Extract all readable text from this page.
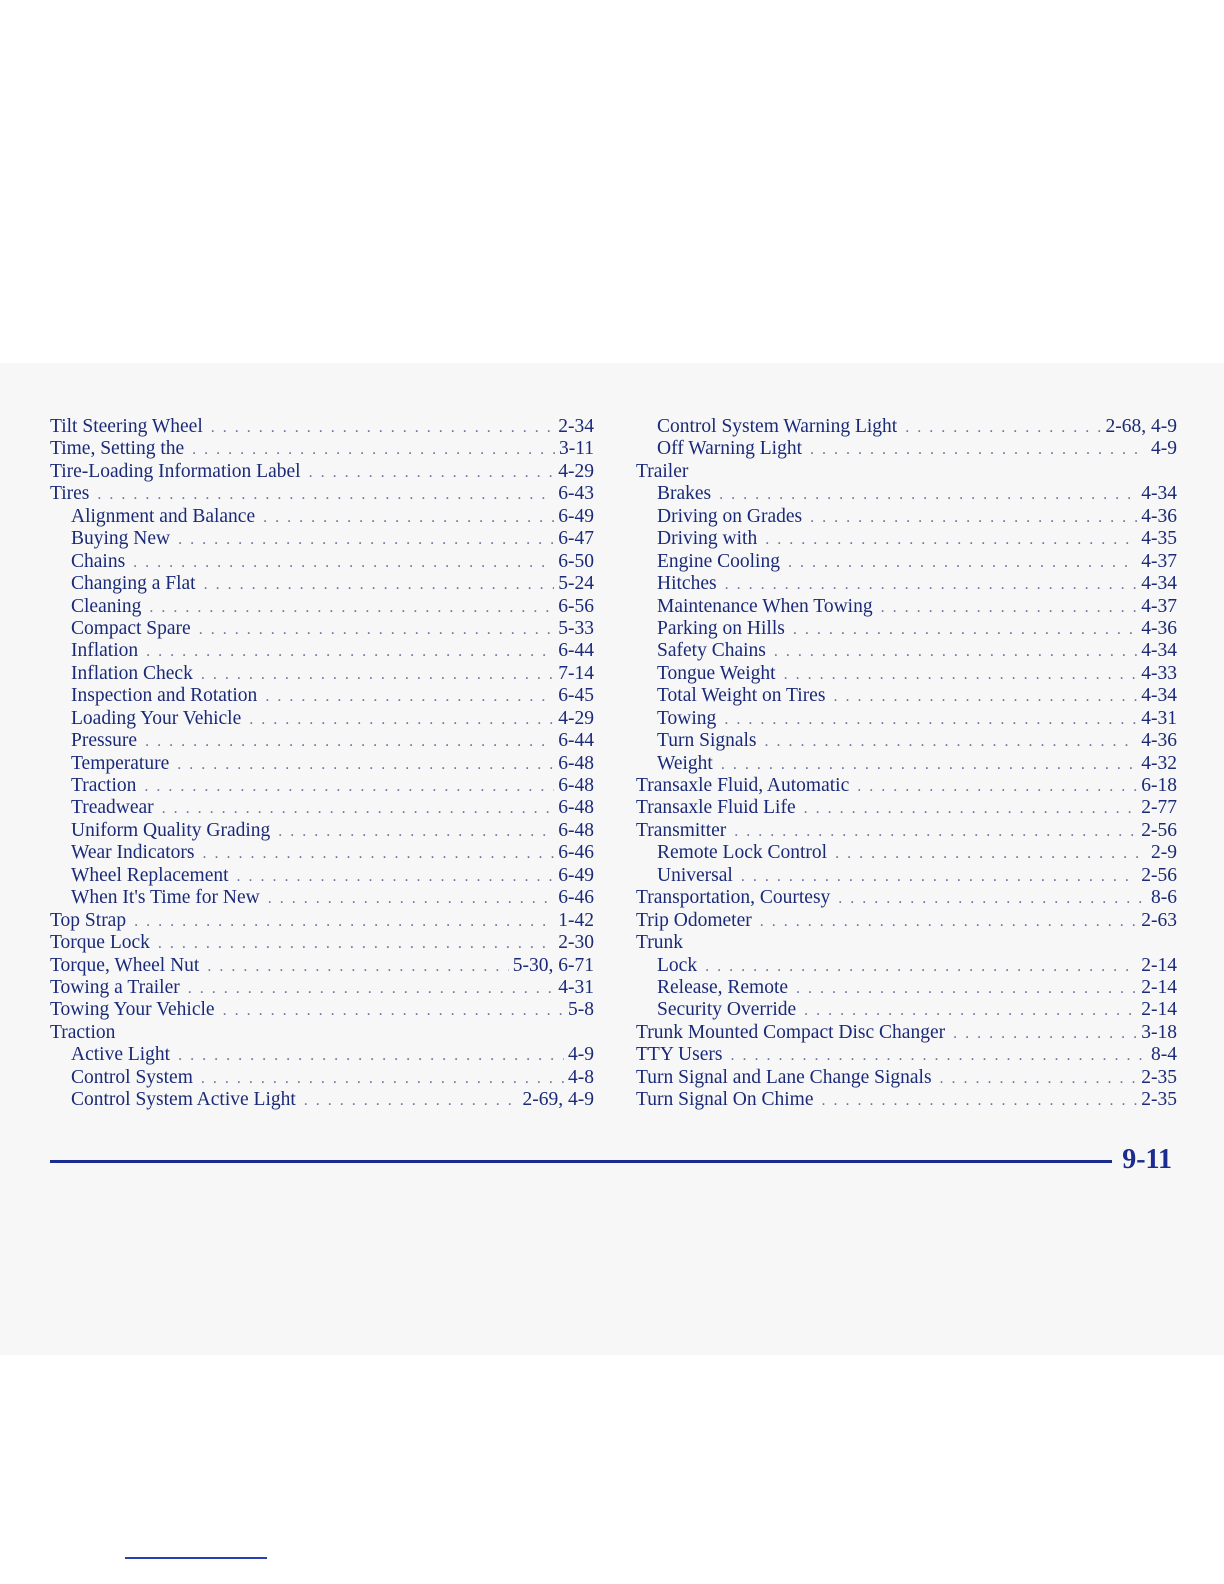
Tilt Steering Wheel . . .	2-34
Time, Setting the . . .	3-11
Tire-Loading Information Label . . .	4-29
Tires . . .	6-43
Alignment and Balance . . .	6-49
Buying New . . .	6-47
Chains . . .	6-50
Changing a Flat . . .	5-24
Cleaning . . .	6-56
Compact Spare . . .	5-33
Inflation . . .	6-44
Inflation Check . . .	7-14
Inspection and Rotation . . .	6-45
Loading Your Vehicle . . .	4-29
Pressure . . .	6-44
Temperature . . .	6-48
Traction . . .	6-48
Treadwear . . .	6-48
Uniform Quality Grading . . .	6-48
Wear Indicators . . .	6-46
Wheel Replacement . . .	6-49
When It's Time for New . . .	6-46
Top Strap . . .	1-42
Torque Lock . . .	2-30
Torque, Wheel Nut . . .	5-30, 6-71
Towing a Trailer . . .	4-31
Towing Your Vehicle . . .	5-8
Traction
Active Light . . .	4-9
Control System . . .	4-8
Control System Active Light . . .	2-69, 4-9
Control System Warning Light . . .	2-68, 4-9
Off Warning Light . . .	4-9
Trailer
Brakes . . .	4-34
Driving on Grades . . .	4-36
Driving with . . .	4-35
Engine Cooling . . .	4-37
Hitches . . .	4-34
Maintenance When Towing . . .	4-37
Parking on Hills . . .	4-36
Safety Chains . . .	4-34
Tongue Weight . . .	4-33
Total Weight on Tires . . .	4-34
Towing . . .	4-31
Turn Signals . . .	4-36
Weight . . .	4-32
Transaxle Fluid, Automatic . . .	6-18
Transaxle Fluid Life . . .	2-77
Transmitter . . .	2-56
Remote Lock Control . . .	2-9
Universal . . .	2-56
Transportation, Courtesy . . .	8-6
Trip Odometer . . .	2-63
Trunk
Lock . . .	2-14
Release, Remote . . .	2-14
Security Override . . .	2-14
Trunk Mounted Compact Disc Changer . . .	3-18
TTY Users . . .	8-4
Turn Signal and Lane Change Signals . . .	2-35
Turn Signal On Chime . . .	2-35
9-11
